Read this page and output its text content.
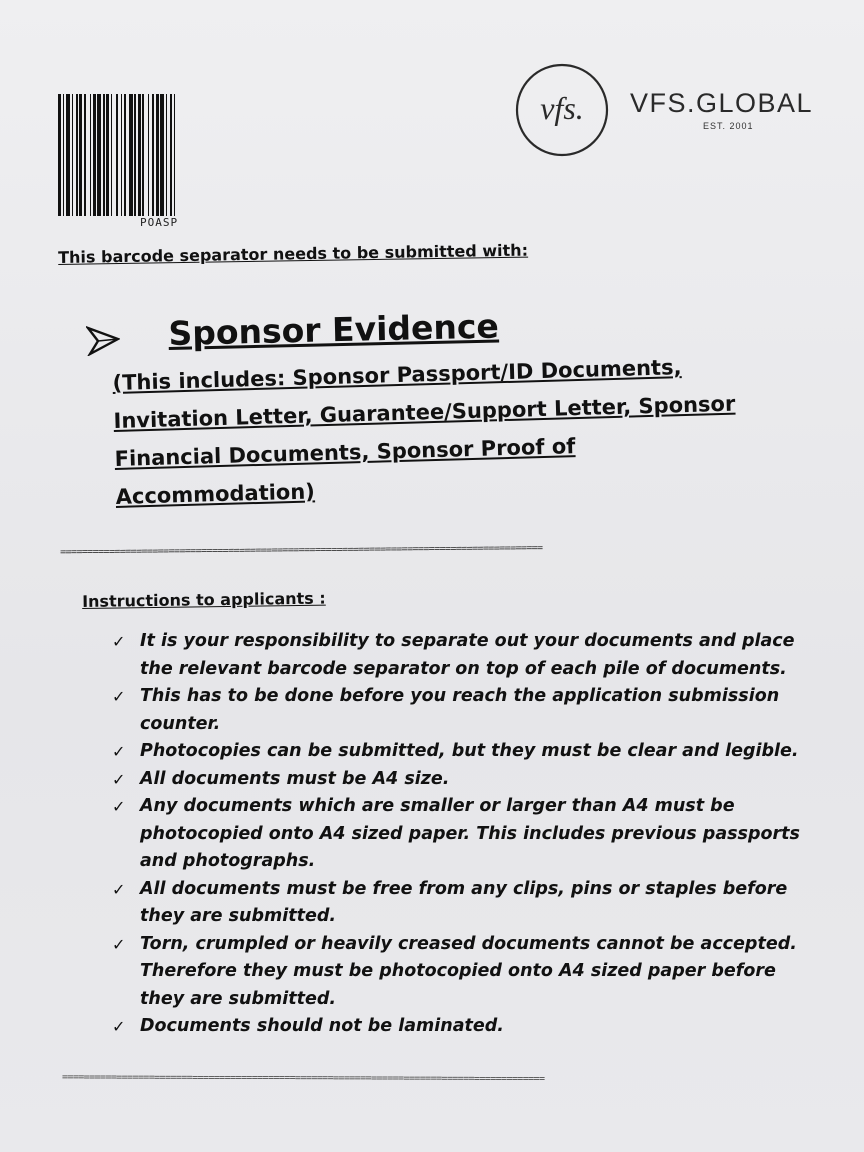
POASP
vfs. VFS.GLOBAL
EST. 2001
This barcode separator needs to be submitted with:
Sponsor Evidence
(This includes: Sponsor Passport/ID Documents,
Invitation Letter, Guarantee/Support Letter, Sponsor
Financial Documents, Sponsor Proof of
Accommodation)
=========================================================================================
Instructions to applicants :
✓ It is your responsibility to separate out your documents and place the relevant barcode separator on top of each pile of documents.
✓ This has to be done before you reach the application submission counter.
✓ Photocopies can be submitted, but they must be clear and legible.
✓ All documents must be A4 size.
✓ Any documents which are smaller or larger than A4 must be photocopied onto A4 sized paper. This includes previous passports and photographs.
✓ All documents must be free from any clips, pins or staples before they are submitted.
✓ Torn, crumpled or heavily creased documents cannot be accepted. Therefore they must be photocopied onto A4 sized paper before they are submitted.
✓ Documents should not be laminated.
=========================================================================================
